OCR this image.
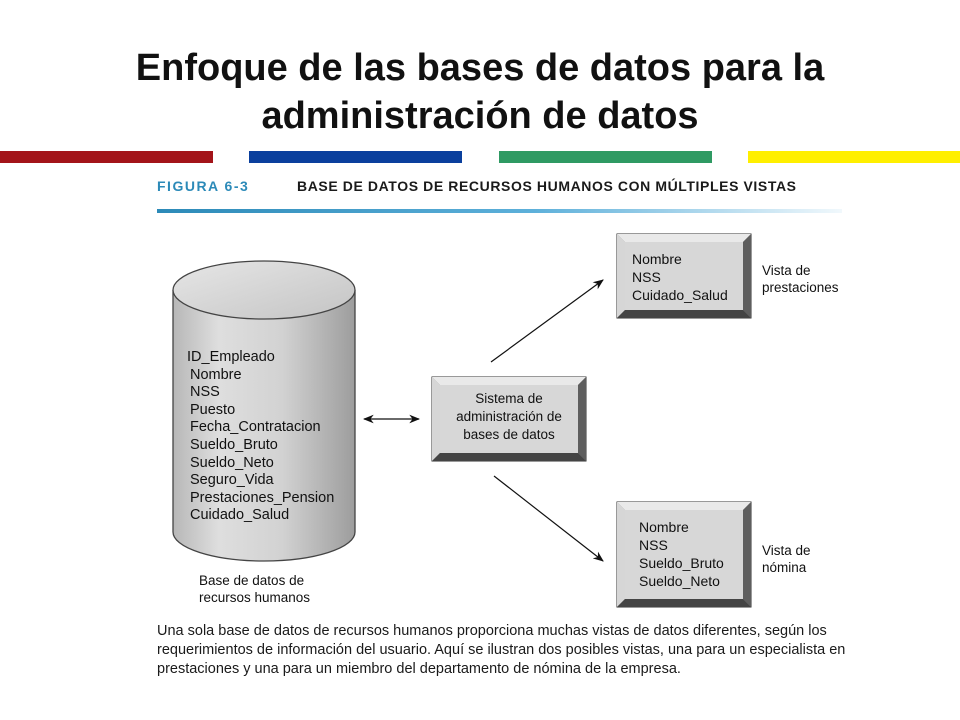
Enfoque de las bases de datos para la
administración de datos
FIGURA 6-3	BASE DE DATOS DE RECURSOS HUMANOS CON MÚLTIPLES VISTAS
ID_Empleado
Nombre
NSS
Puesto
Fecha_Contratacion
Sueldo_Bruto
Sueldo_Neto
Seguro_Vida
Prestaciones_Pension
Cuidado_Salud
Base de datos de
recursos humanos
Sistema de
administración de
bases de datos
Nombre
NSS
Cuidado_Salud
Vista de
prestaciones
Nombre
NSS
Sueldo_Bruto
Sueldo_Neto
Vista de
nómina
Una sola base de datos de recursos humanos proporciona muchas vistas de datos diferentes, según los requerimientos de información del usuario. Aquí se ilustran dos posibles vistas, una para un especialista en prestaciones y una para un miembro del departamento de nómina de la empresa.
